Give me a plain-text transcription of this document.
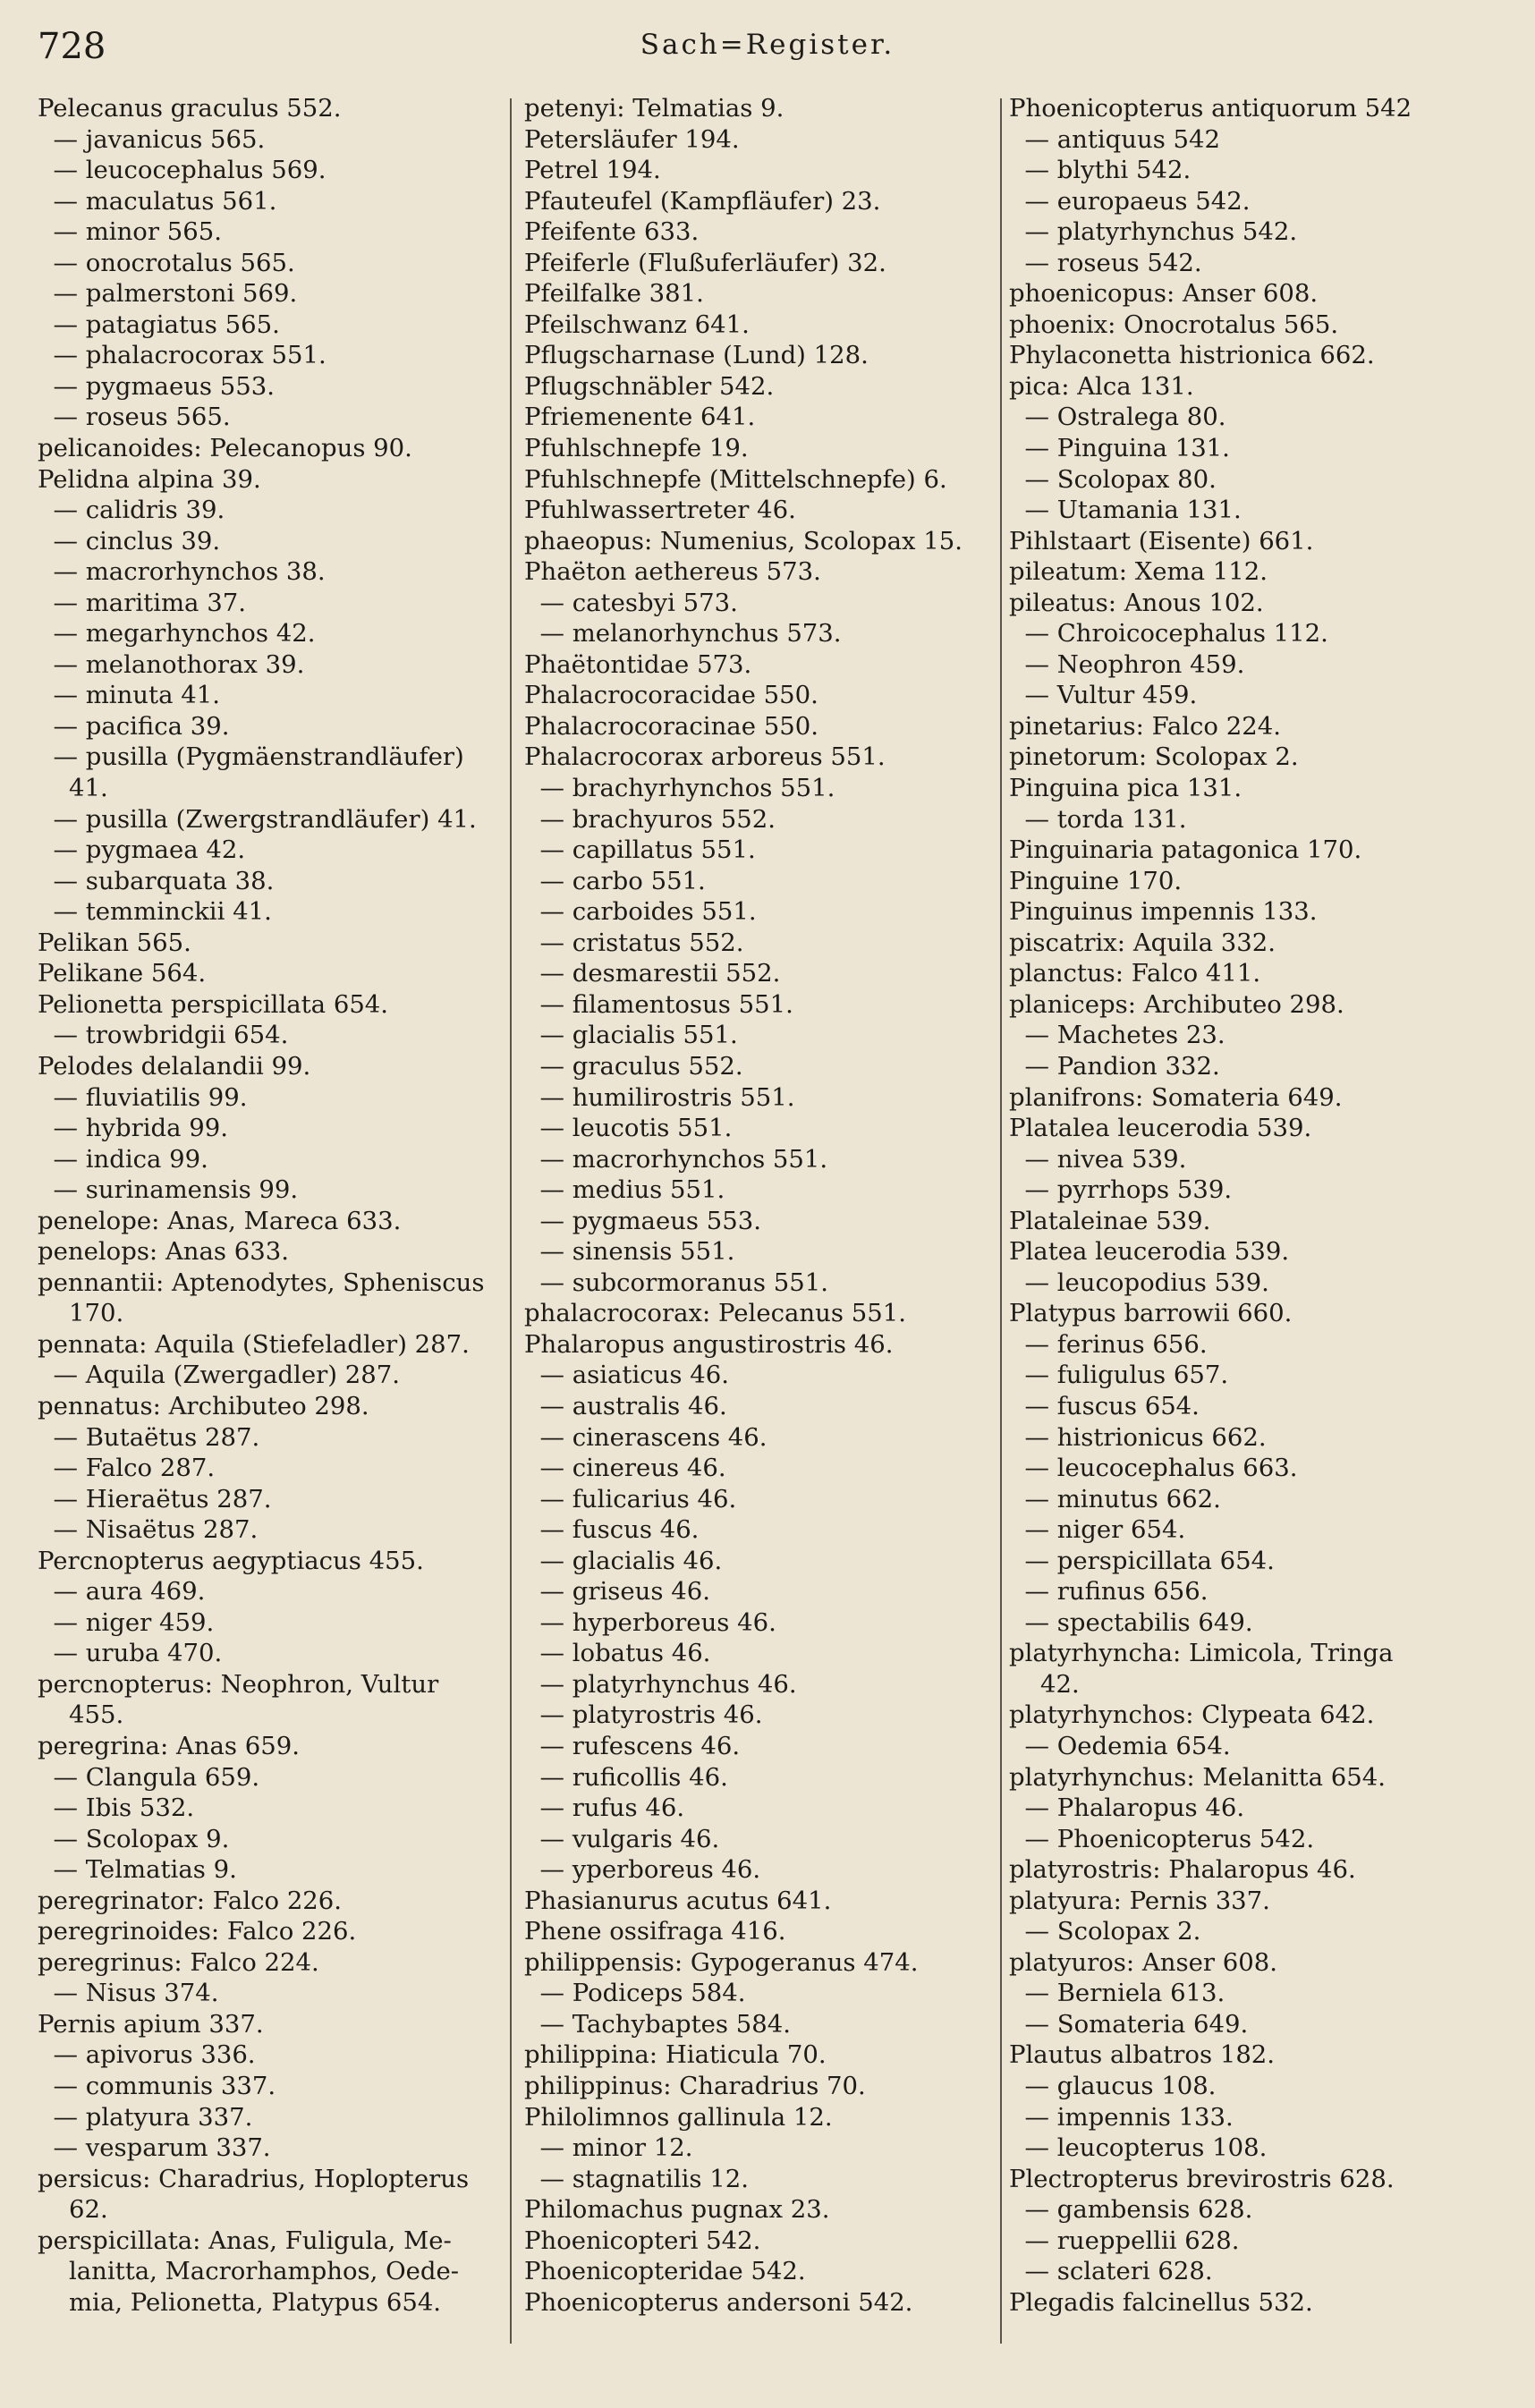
728	Sach=Register.
Pelecanus graculus 552.
— javanicus 565.
— leucocephalus 569.
— maculatus 561.
— minor 565.
— onocrotalus 565.
— palmerstoni 569.
— patagiatus 565.
— phalacrocorax 551.
— pygmaeus 553.
— roseus 565.
pelicanoides: Pelecanopus 90.
Pelidna alpina 39.
— calidris 39.
— cinclus 39.
— macrorhynchos 38.
— maritima 37.
— megarhynchos 42.
— melanothorax 39.
— minuta 41.
— pacifica 39.
— pusilla (Pygmäenstrandläufer)
41.
— pusilla (Zwergstrandläufer) 41.
— pygmaea 42.
— subarquata 38.
— temminckii 41.
Pelikan 565.
Pelikane 564.
Pelionetta perspicillata 654.
— trowbridgii 654.
Pelodes delalandii 99.
— fluviatilis 99.
— hybrida 99.
— indica 99.
— surinamensis 99.
penelope: Anas, Mareca 633.
penelops: Anas 633.
pennantii: Aptenodytes, Spheniscus
170.
pennata: Aquila (Stiefeladler) 287.
— Aquila (Zwergadler) 287.
pennatus: Archibuteo 298.
— Butaëtus 287.
— Falco 287.
— Hieraëtus 287.
— Nisaëtus 287.
Percnopterus aegyptiacus 455.
— aura 469.
— niger 459.
— uruba 470.
percnopterus: Neophron, Vultur
455.
peregrina: Anas 659.
— Clangula 659.
— Ibis 532.
— Scolopax 9.
— Telmatias 9.
peregrinator: Falco 226.
peregrinoides: Falco 226.
peregrinus: Falco 224.
— Nisus 374.
Pernis apium 337.
— apivorus 336.
— communis 337.
— platyura 337.
— vesparum 337.
persicus: Charadrius, Hoplopterus
62.
perspicillata: Anas, Fuligula, Me-
lanitta, Macrorhamphos, Oede-
mia, Pelionetta, Platypus 654.
petenyi: Telmatias 9.
Petersläufer 194.
Petrel 194.
Pfauteufel (Kampfläufer) 23.
Pfeifente 633.
Pfeiferle (Flußuferläufer) 32.
Pfeilfalke 381.
Pfeilschwanz 641.
Pflugscharnase (Lund) 128.
Pflugschnäbler 542.
Pfriemenente 641.
Pfuhlschnepfe 19.
Pfuhlschnepfe (Mittelschnepfe) 6.
Pfuhlwassertreter 46.
phaeopus: Numenius, Scolopax 15.
Phaëton aethereus 573.
— catesbyi 573.
— melanorhynchus 573.
Phaëtontidae 573.
Phalacrocoracidae 550.
Phalacrocoracinae 550.
Phalacrocorax arboreus 551.
— brachyrhynchos 551.
— brachyuros 552.
— capillatus 551.
— carbo 551.
— carboides 551.
— cristatus 552.
— desmarestii 552.
— filamentosus 551.
— glacialis 551.
— graculus 552.
— humilirostris 551.
— leucotis 551.
— macrorhynchos 551.
— medius 551.
— pygmaeus 553.
— sinensis 551.
— subcormoranus 551.
phalacrocorax: Pelecanus 551.
Phalaropus angustirostris 46.
— asiaticus 46.
— australis 46.
— cinerascens 46.
— cinereus 46.
— fulicarius 46.
— fuscus 46.
— glacialis 46.
— griseus 46.
— hyperboreus 46.
— lobatus 46.
— platyrhynchus 46.
— platyrostris 46.
— rufescens 46.
— ruficollis 46.
— rufus 46.
— vulgaris 46.
— yperboreus 46.
Phasianurus acutus 641.
Phene ossifraga 416.
philippensis: Gypogeranus 474.
— Podiceps 584.
— Tachybaptes 584.
philippina: Hiaticula 70.
philippinus: Charadrius 70.
Philolimnos gallinula 12.
— minor 12.
— stagnatilis 12.
Philomachus pugnax 23.
Phoenicopteri 542.
Phoenicopteridae 542.
Phoenicopterus andersoni 542.
Phoenicopterus antiquorum 542
— antiquus 542
— blythi 542.
— europaeus 542.
— platyrhynchus 542.
— roseus 542.
phoenicopus: Anser 608.
phoenix: Onocrotalus 565.
Phylaconetta histrionica 662.
pica: Alca 131.
— Ostralega 80.
— Pinguina 131.
— Scolopax 80.
— Utamania 131.
Pihlstaart (Eisente) 661.
pileatum: Xema 112.
pileatus: Anous 102.
— Chroicocephalus 112.
— Neophron 459.
— Vultur 459.
pinetarius: Falco 224.
pinetorum: Scolopax 2.
Pinguina pica 131.
— torda 131.
Pinguinaria patagonica 170.
Pinguine 170.
Pinguinus impennis 133.
piscatrix: Aquila 332.
planctus: Falco 411.
planiceps: Archibuteo 298.
— Machetes 23.
— Pandion 332.
planifrons: Somateria 649.
Platalea leucerodia 539.
— nivea 539.
— pyrrhops 539.
Plataleinae 539.
Platea leucerodia 539.
— leucopodius 539.
Platypus barrowii 660.
— ferinus 656.
— fuligulus 657.
— fuscus 654.
— histrionicus 662.
— leucocephalus 663.
— minutus 662.
— niger 654.
— perspicillata 654.
— rufinus 656.
— spectabilis 649.
platyrhyncha: Limicola, Tringa
42.
platyrhynchos: Clypeata 642.
— Oedemia 654.
platyrhynchus: Melanitta 654.
— Phalaropus 46.
— Phoenicopterus 542.
platyrostris: Phalaropus 46.
platyura: Pernis 337.
— Scolopax 2.
platyuros: Anser 608.
— Berniela 613.
— Somateria 649.
Plautus albatros 182.
— glaucus 108.
— impennis 133.
— leucopterus 108.
Plectropterus brevirostris 628.
— gambensis 628.
— rueppellii 628.
— sclateri 628.
Plegadis falcinellus 532.
